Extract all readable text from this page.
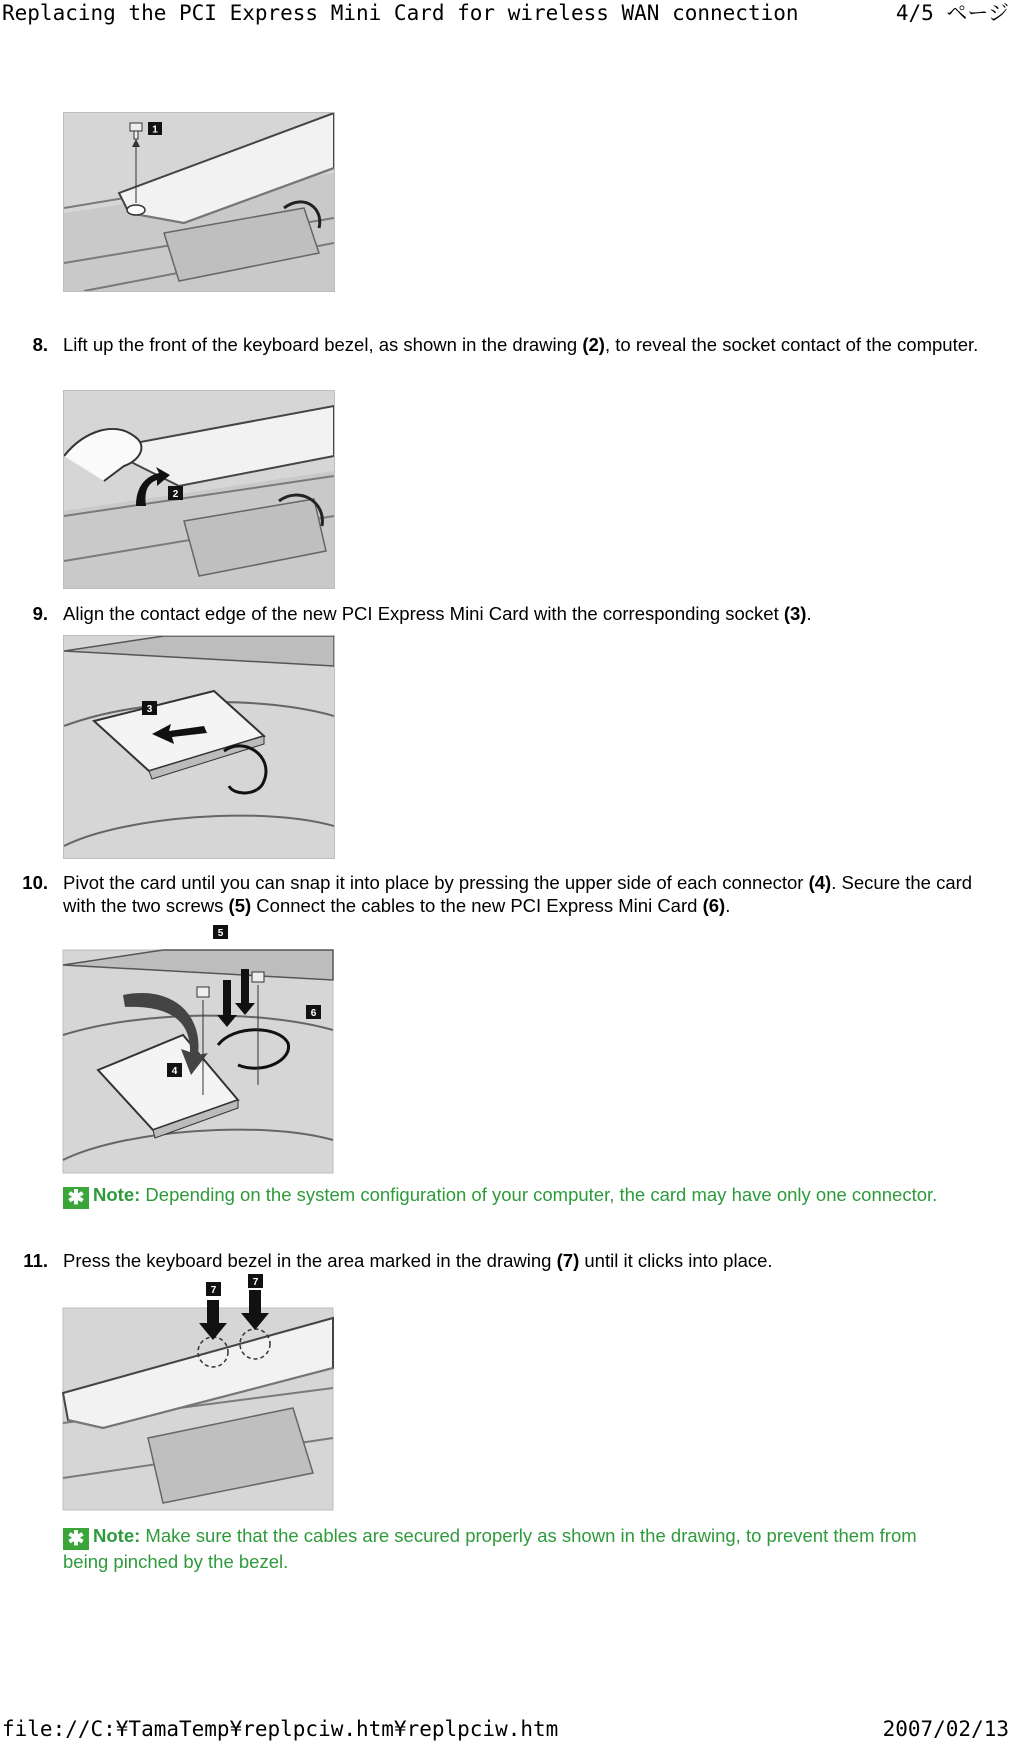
Replacing the PCI Express Mini Card for wireless WAN connection	4/5 ページ
1
8. Lift up the front of the keyboard bezel, as shown in the drawing (2), to reveal the socket contact of the computer.
2
9. Align the contact edge of the new PCI Express Mini Card with the corresponding socket (3).
3
10. Pivot the card until you can snap it into place by pressing the upper side of each connector (4). Secure the card with the two screws (5) Connect the cables to the new PCI Express Mini Card (6).
5
6
4
✱ Note: Depending on the system configuration of your computer, the card may have only one connector.
11. Press the keyboard bezel in the area marked in the drawing (7) until it clicks into place.
7
7
✱ Note: Make sure that the cables are secured properly as shown in the drawing, to prevent them from being pinched by the bezel.
file://C:¥TamaTemp¥replpciw.htm¥replpciw.htm	2007/02/13
